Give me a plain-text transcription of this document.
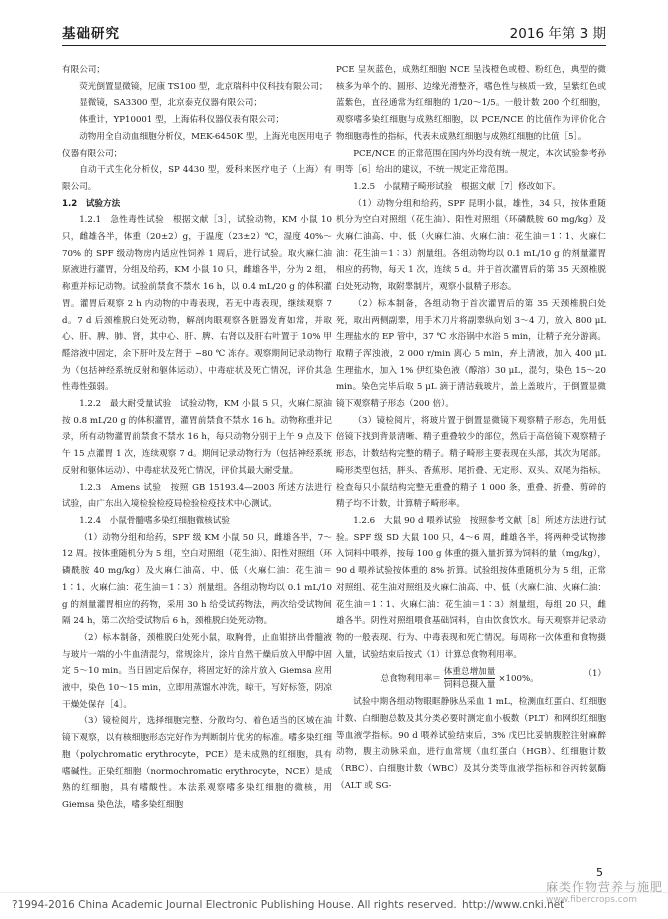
基础研究	2016 年第 3 期

有限公司；

荧光倒置显微镜，尼康 TS100 型，北京瑞科中仪科技有限公司；

显微镜，SA3300 型，北京泰克仪器有限公司；

体重计，YP10001 型，上海佑科仪器仪表有限公司；

动物用全自动血细胞分析仪，MEK-6450K 型，上海光电医用电子仪器有限公司；

自动干式生化分析仪，SP 4430 型，爱科来医疗电子（上海）有限公司。

1.2　试验方法

1.2.1　急性毒性试验　根据文献［3］，试验动物，KM 小鼠 10 只，雌雄各半，体重（20±2）g，于温度（23±2）℃，湿度 40%～70% 的 SPF 级动物房内适应性饲养 1 周后，进行试验。取火麻仁油原液进行灌胃，分组及给药，KM 小鼠 10 只，雌雄各半，分为 2 组，称重并标记动物。试验前禁食不禁水 16 h，以 0.4 mL/20 g 的体积灌胃。灌胃后观察 2 h 内动物的中毒表现，若无中毒表现，继续观察 7 d。7 d 后颈椎脱臼处死动物，解剖肉眼观察各脏器发育如常，并取心、肝、脾、肺、肾，其中心、肝、脾、右肾以及肝右叶置于 10% 甲醛溶液中固定，余下肝叶及左肾于 −80 ℃ 冻存。观察期间记录动物行为（包括神经系统反射和躯体运动）、中毒症状及死亡情况，评价其急性毒性强弱。

1.2.2　最大耐受量试验　试验动物，KM 小鼠 5 只，火麻仁原油按 0.8 mL/20 g 的体积灌胃，灌胃前禁食不禁水 16 h。动物称重并记录，所有动物灌胃前禁食不禁水 16 h，每只动物分别于上午 9 点及下午 15 点灌胃 1 次，连续观察 7 d。期间记录动物行为（包括神经系统反射和躯体运动）、中毒症状及死亡情况，评价其最大耐受量。

1.2.3　Amens 试验　按照 GB 15193.4—2003 所述方法进行试验，由广东出入境检验检疫局检验检疫技术中心测试。

1.2.4　小鼠骨髓嗜多染红细胞微核试验

（1）动物分组和给药，SPF 级 KM 小鼠 50 只，雌雄各半，7～12 周。按体重随机分为 5 组，空白对照组（花生油）、阳性对照组（环磷酰胺 40 mg/kg）及火麻仁油高、中、低（火麻仁油：花生油＝1∶1、火麻仁油：花生油＝1∶3）剂量组。各组动物均以 0.1 mL/10 g 的剂量灌胃相应的药物，采用 30 h 给受试药物法，两次给受试物间隔 24 h，第二次给受试物后 6 h，颈椎脱臼处死动物。

（2）标本制备，颈椎脱臼处死小鼠，取胸骨，止血钳挤出骨髓液与玻片一端的小牛血清混匀，常规涂片，涂片自然干燥后放入甲醇中固定 5～10 min。当日固定后保存，将固定好的涂片放入 Giemsa 应用液中，染色 10～15 min，立即用蒸馏水冲洗，晾干，写好标签，阴凉干燥处保存［4］。

（3）镜检阅片，选择细胞完整、分散均匀、着色适当的区域在油镜下观察，以有核细胞形态完好作为判断制片优劣的标准。嗜多染红细胞（polychromatic erythrocyte，PCE）是未成熟的红细胞，具有嗜碱性。正染红细胞（normochromatic erythrocyte，NCE）是成熟的红细胞，具有嗜酸性。本法系观察嗜多染红细胞的微核，用 Giemsa 染色法，嗜多染红细胞

PCE 呈灰蓝色，成熟红细胞 NCE 呈浅橙色或橙、粉红色，典型的微核多为单个的、圆形、边缘光滑整齐，嗜色性与核质一致，呈紫红色或蓝紫色，直径通常为红细胞的 1/20～1/5。一般计数 200 个红细胞，观察嗜多染红细胞与成熟红细胞，以 PCE/NCE 的比值作为评价化合物细胞毒性的指标，代表未成熟红细胞与成熟红细胞的比值［5］。

PCE/NCE 的正常范围在国内外均没有统一规定，本次试验参考孙明等［6］给出的建议，不统一规定正常范围。

1.2.5　小鼠精子畸形试验　根据文献［7］修改如下。

（1）动物分组和给药，SPF 昆明小鼠，雄性，34 只，按体重随机分为空白对照组（花生油）、阳性对照组（环磷酰胺 60 mg/kg）及火麻仁油高、中、低（火麻仁油、火麻仁油：花生油＝1∶1、火麻仁油：花生油＝1∶3）剂量组。各组动物均以 0.1 mL/10 g 的剂量灌胃相应的药物，每天 1 次，连续 5 d。并于首次灌胃后的第 35 天颈椎脱臼处死动物，取附睾制片，观察小鼠精子形态。

（2）标本制备，各组动物于首次灌胃后的第 35 天颈椎脱臼处死，取出两侧副睾，用手术刀片将副睾纵向划 3～4 刀，放入 800 μL 生理盐水的 EP 管中，37 ℃ 水浴锅中水浴 5 min，让精子充分游离。取精子浑浊液，2 000 r/min 离心 5 min，弃上清液，加入 400 μL 生理盐水，加入 1% 伊红染色液（醇溶）30 μL，混匀，染色 15～20 min。染色完毕后取 5 μL 滴于清洁载玻片，盖上盖玻片，于倒置显微镜下观察精子形态（200 倍）。

（3）镜检阅片，将玻片置于倒置显微镜下观察精子形态，先用低倍镜下找到背景清晰、精子重叠较少的部位，然后于高倍镜下观察精子形态，计数结构完整的精子。精子畸形主要表现在头部，其次为尾部。畸形类型包括，胖头、香蕉形、尾折叠、无定形、双头、双尾为指标。检查每只小鼠结构完整无重叠的精子 1 000 条，重叠、折叠、剪碎的精子均不计数，计算精子畸形率。

1.2.6　大鼠 90 d 喂养试验　按照参考文献［8］所述方法进行试验。SPF 级 SD 大鼠 100 只，4～6 周，雌雄各半，将两种受试物掺入饲料中喂养，按每 100 g 体重的摄入量折算为饲料的量（mg/kg），90 d 喂养试验按体重的 8% 折算。试验组按体重随机分为 5 组，正常对照组、花生油对照组及火麻仁油高、中、低（火麻仁油、火麻仁油：花生油＝1∶1、火麻仁油：花生油＝1∶3）剂量组，每组 20 只，雌雄各半。阴性对照组喂食基础饲料，自由饮食饮水。每天观察并记录动物的一般表现、行为、中毒表现和死亡情况。每周称一次体重和食物摄入量，试验结束后按式（1）计算总食物利用率。

（1）
总食物利用率＝ $\frac{\text{体重总增加量}}{\text{饲料总摄入量}} \times 100\%$。

试验中期各组动物眼眶静脉丛采血 1 mL，检测血红蛋白、红细胞计数、白细胞总数及其分类必要时测定血小板数（PLT）和网织红细胞等血液学指标。90 d 喂养试验结束后，3% 戊巴比妥钠腹腔注射麻醉动物，腹主动脉采血，进行血常规（血红蛋白（HGB）、红细胞计数（RBC）、白细胞计数（WBC）及其分类等血液学指标和谷丙转氨酶（ALT 或 SG-

5
?1994-2016 China Academic Journal Electronic Publishing House. All rights reserved. http://www.cnki.net
麻类作物营养与施肥
www.fibercrops.com
